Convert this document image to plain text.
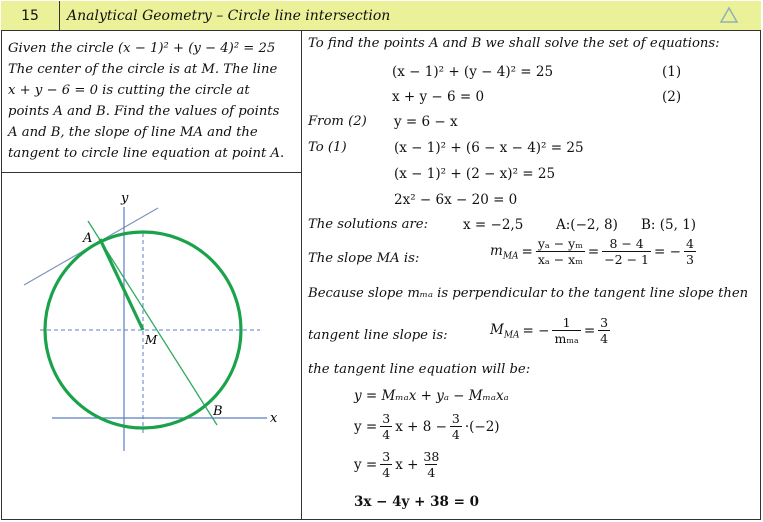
15	Analytical Geometry – Circle line intersection
Given the circle (x − 1)² + (y − 4)² = 25
The center of the circle is at M. The line
x + y − 6 = 0 is cutting the circle at
points A and B. Find the values of points
A and B, the slope of line MA and the
tangent to circle line equation at point A.
y
x
A
B
M
To find the points A and B we shall solve the set of equations:
(x − 1)² + (y − 4)² = 25	(1)
x + y − 6 = 0	(2)
From (2) y = 6 − x
To (1)	(x − 1)² + (6 − x − 4)² = 25
(x − 1)² + (2 − x)² = 25
2x² − 6x − 20 = 0
The solutions are:	x = −2,5 A:(−2, 8) B: (5, 1)
The slope MA is:	$m_{MA} = \frac{\text{yₐ − yₘ}}{\text{xₐ − xₘ}} = \frac{8 - 4}{-2 - 1}$ = − $\frac{4}{3}$
Because slope mₘₐ is perpendicular to the tangent line slope then
tangent line slope is:	$M_{MA}$ = − $\frac{1}{\text{mₘₐ}} = \frac{3}{4}$
the tangent line equation will be:
y = Mₘₐx + yₐ − Mₘₐxₐ
$y = \frac{3}{4}$ $x + 8 - \frac{3}{4} \cdot(-2)$
$y = \frac{3}{4}$ $x + \frac{38}{4}$
3x − 4y + 38 = 0
